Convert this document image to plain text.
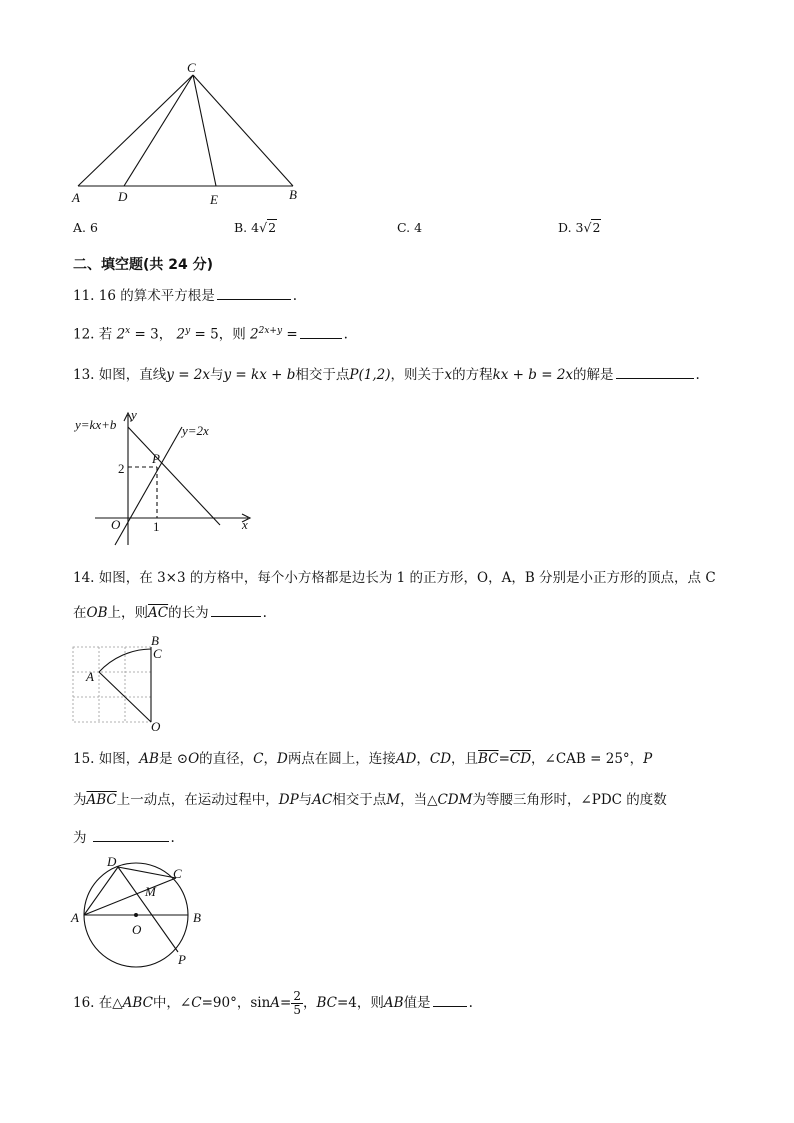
C
A	D	E	B
A. 6	B. 4√2	C. 4	D. 3√2
二、填空题(共 24 分)
11. 16 的算术平方根是	.
12. 若 $2^x = 3$， $2^y = 5$，则 $2^{2x+y}$ =	.
13. 如图，直线y = 2x与y = kx + b相交于点P(1,2)，则关于x的方程kx + b = 2x的解是	.
y=kx+b
y
y=2x
P
2
O	1	x
14. 如图，在 3×3 的方格中，每个小方格都是边长为 1 的正方形，O，A，B 分别是小正方形的顶点，点 C
在OB上，则$\overline{AC}$的长为	.
B
C
A
O
15. 如图，AB是 ⊙O的直径，C，D两点在圆上，连接AD，CD，且$\overline{BC}=\overline{CD}$，∠CAB = 25°，P
为$\overline{ABC}$上一动点，在运动过程中，DP与AC相交于点M，当△CDM为等腰三角形时，∠PDC 的度数
为	.
D
C
M
A	B
O
P
16. 在△ABC中，∠C=90°，$\sin A= \frac{2}{5}$ ，BC=4，则AB值是	.
